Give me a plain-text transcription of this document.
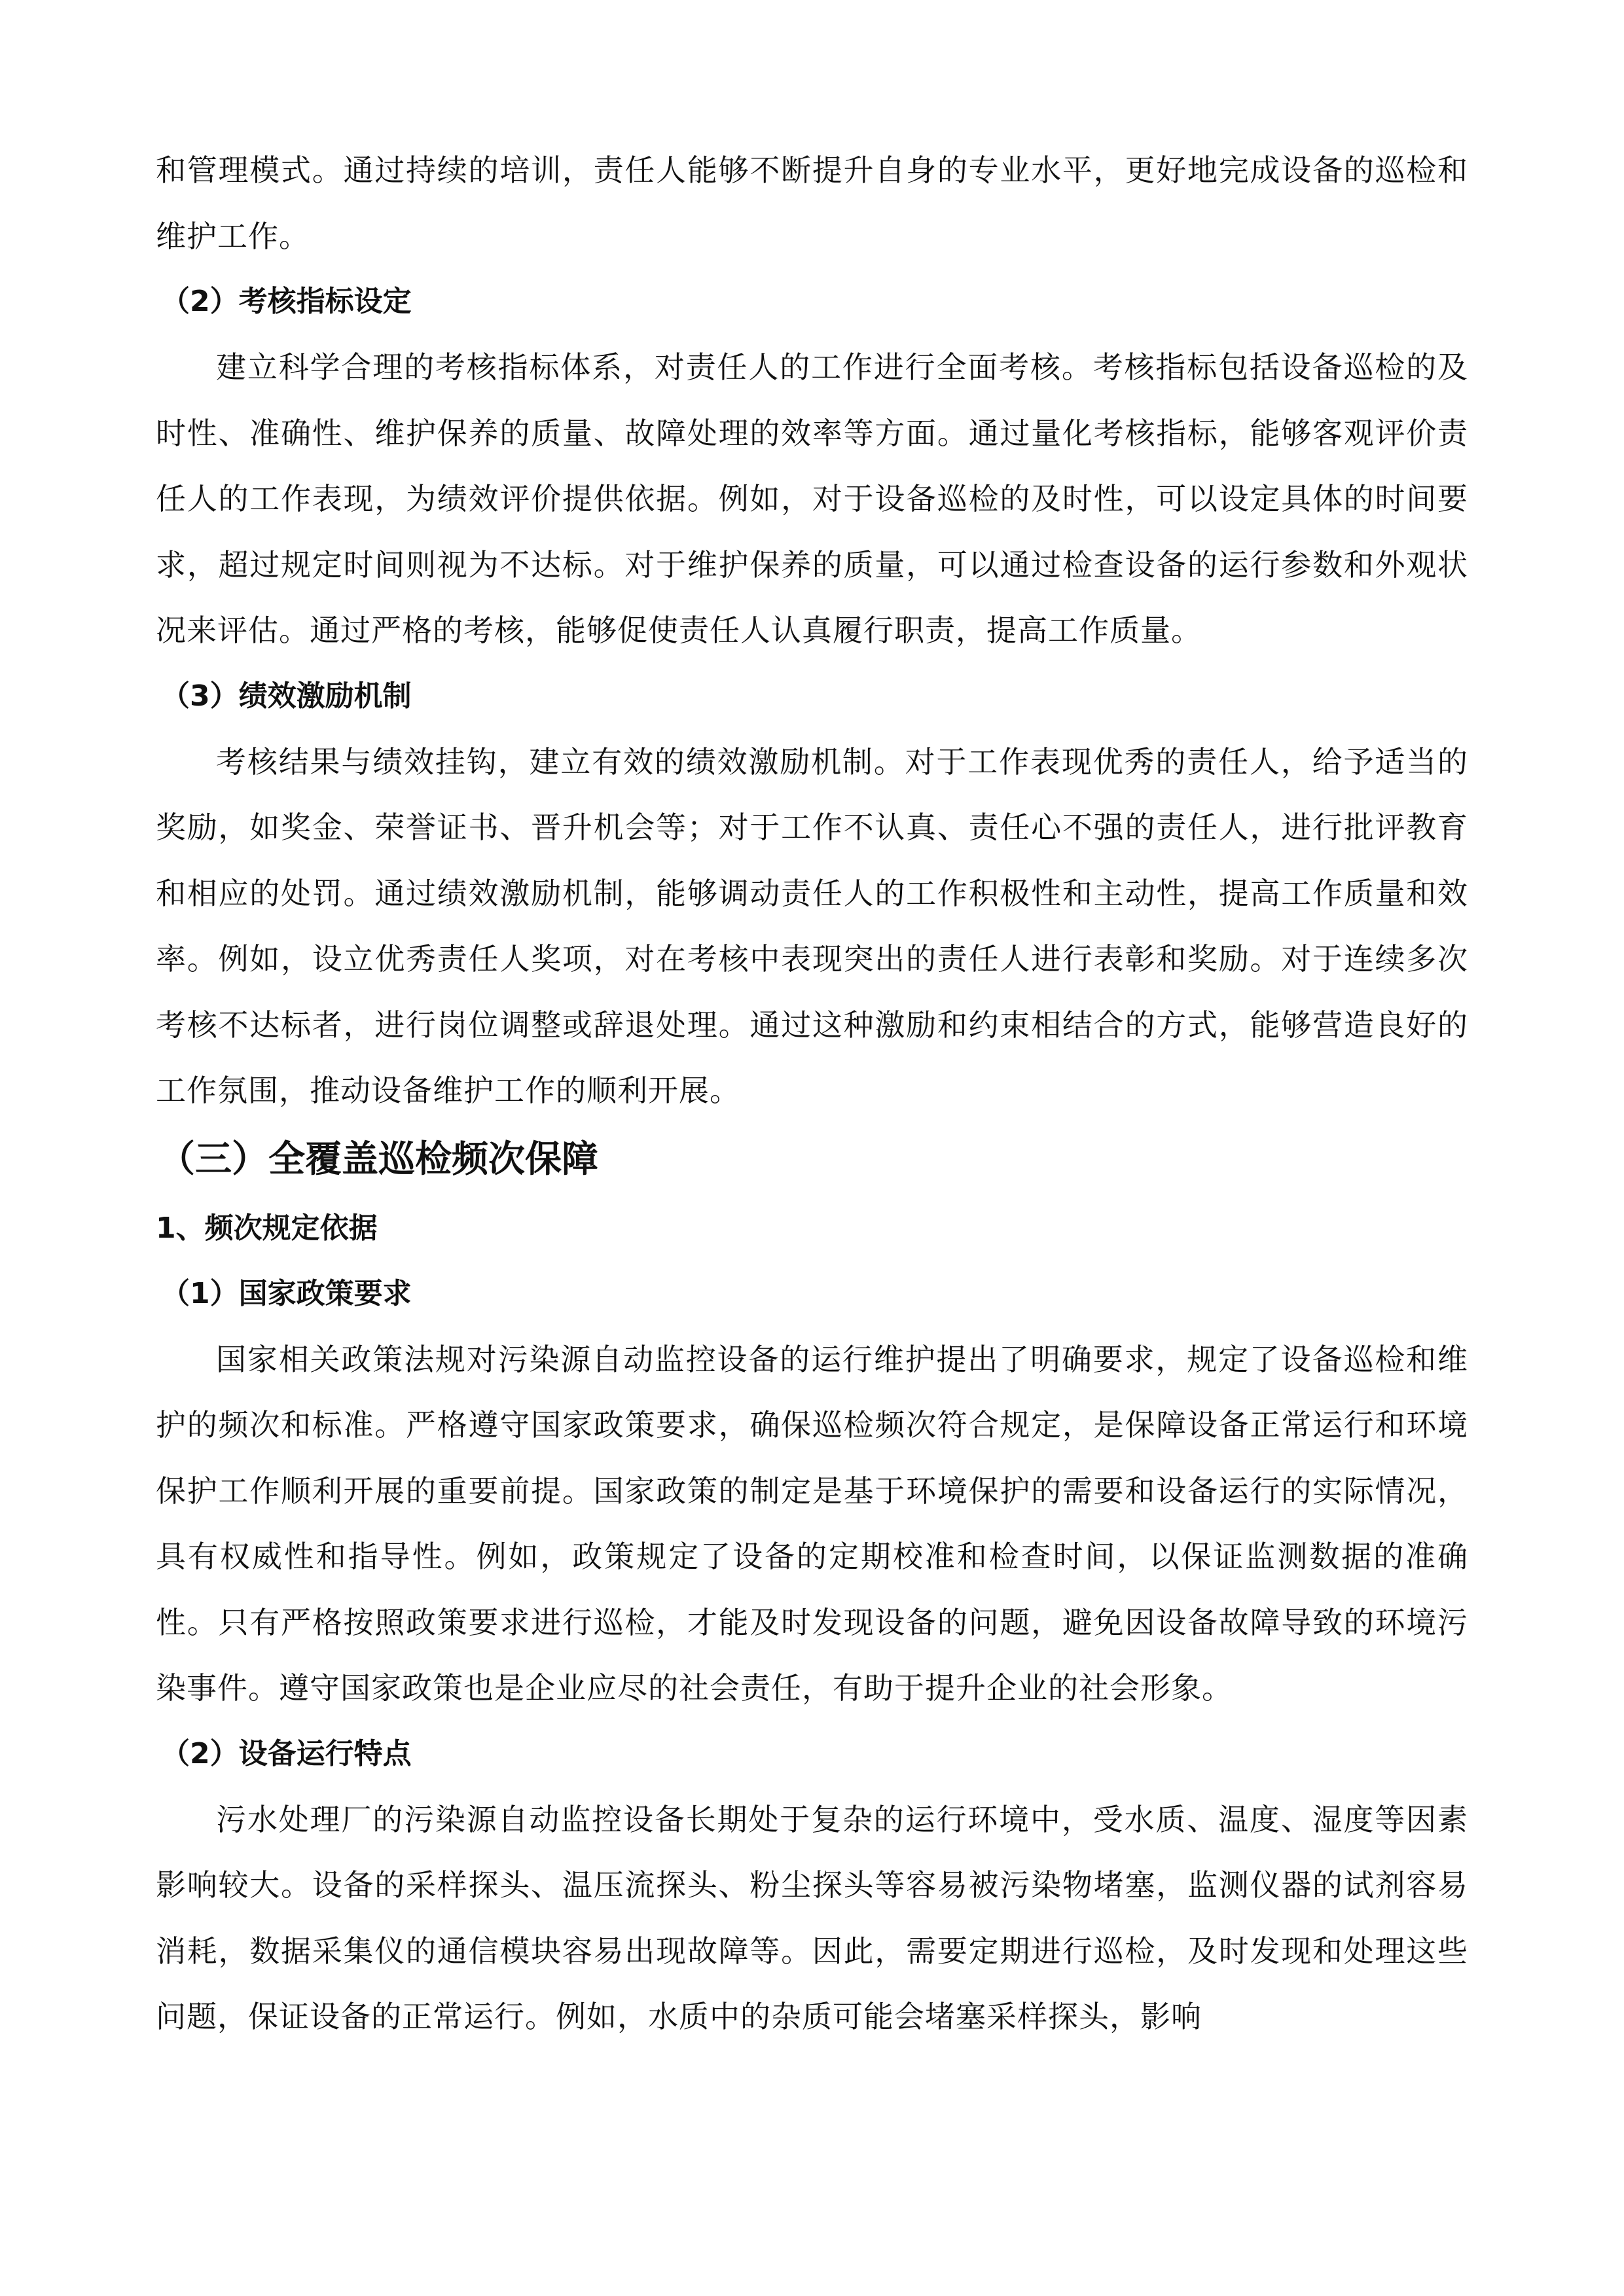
和管理模式。通过持续的培训，责任人能够不断提升自身的专业水平，更好地完成设备的巡检和维护工作。

（2）考核指标设定

建立科学合理的考核指标体系，对责任人的工作进行全面考核。考核指标包括设备巡检的及时性、准确性、维护保养的质量、故障处理的效率等方面。通过量化考核指标，能够客观评价责任人的工作表现，为绩效评价提供依据。例如，对于设备巡检的及时性，可以设定具体的时间要求，超过规定时间则视为不达标。对于维护保养的质量，可以通过检查设备的运行参数和外观状况来评估。通过严格的考核，能够促使责任人认真履行职责，提高工作质量。

（3）绩效激励机制

考核结果与绩效挂钩，建立有效的绩效激励机制。对于工作表现优秀的责任人，给予适当的奖励，如奖金、荣誉证书、晋升机会等；对于工作不认真、责任心不强的责任人，进行批评教育和相应的处罚。通过绩效激励机制，能够调动责任人的工作积极性和主动性，提高工作质量和效率。例如，设立优秀责任人奖项，对在考核中表现突出的责任人进行表彰和奖励。对于连续多次考核不达标者，进行岗位调整或辞退处理。通过这种激励和约束相结合的方式，能够营造良好的工作氛围，推动设备维护工作的顺利开展。

（三）全覆盖巡检频次保障

1、频次规定依据

（1）国家政策要求

国家相关政策法规对污染源自动监控设备的运行维护提出了明确要求，规定了设备巡检和维护的频次和标准。严格遵守国家政策要求，确保巡检频次符合规定，是保障设备正常运行和环境保护工作顺利开展的重要前提。国家政策的制定是基于环境保护的需要和设备运行的实际情况，具有权威性和指导性。例如，政策规定了设备的定期校准和检查时间，以保证监测数据的准确性。只有严格按照政策要求进行巡检，才能及时发现设备的问题，避免因设备故障导致的环境污染事件。遵守国家政策也是企业应尽的社会责任，有助于提升企业的社会形象。

（2）设备运行特点

污水处理厂的污染源自动监控设备长期处于复杂的运行环境中，受水质、温度、湿度等因素影响较大。设备的采样探头、温压流探头、粉尘探头等容易被污染物堵塞，监测仪器的试剂容易消耗，数据采集仪的通信模块容易出现故障等。因此，需要定期进行巡检，及时发现和处理这些问题，保证设备的正常运行。例如，水质中的杂质可能会堵塞采样探头，影响
